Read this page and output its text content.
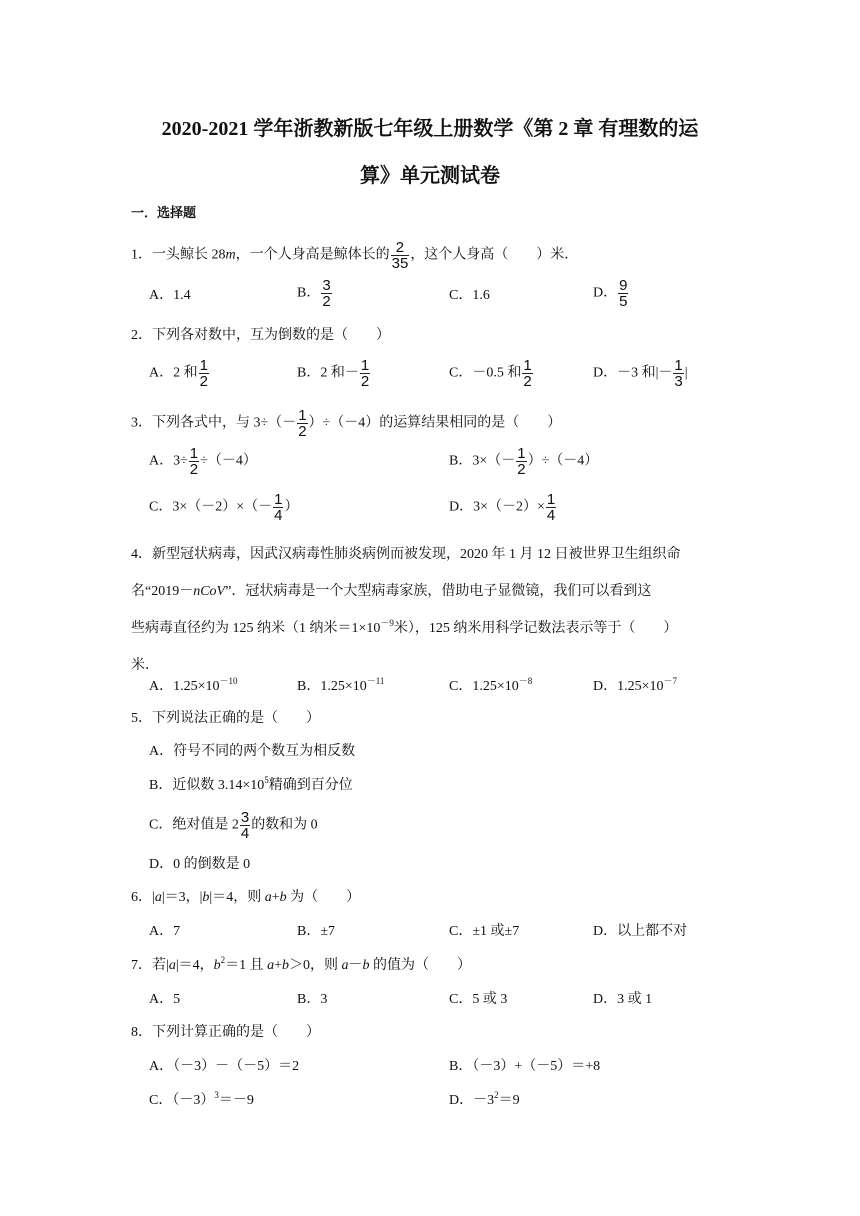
2020-2021 学年浙教新版七年级上册数学《第 2 章 有理数的运
算》单元测试卷
一．选择题
1．一头鲸长 28m，一个人身高是鲸体长的 $\frac{2}{35}$ ，这个人身高（　　）米．
A．1.4	B． $\frac{3}{2}$	C．1.6	D． $\frac{9}{5}$
2．下列各对数中，互为倒数的是（　　）
A．2 和 $\frac{1}{2}$	B．2 和－ $\frac{1}{2}$	C．－0.5 和 $\frac{1}{2}$	D．－3 和|－ $\frac{1}{3}$ |
3．下列各式中，与 $3\div(- \frac{1}{2} )\div(-4)$的运算结果相同的是（　　）
A．$3\div \frac{1}{2} \div(-4)$	B．$3\times(- \frac{1}{2} )\div(-4)$
C．$3\times(-2)\times(- \frac{1}{4}$ ）	D．$3\times(-2)\times \frac{1}{4}$
4．新型冠状病毒，因武汉病毒性肺炎病例而被发现，2020 年 1 月 12 日被世界卫生组织命
名“2019－nCoV”．冠状病毒是一个大型病毒家族，借助电子显微镜，我们可以看到这
些病毒直径约为 125 纳米（1 纳米$=1\times 10^{-9}$米），125 纳米用科学记数法表示等于（　　）
米．
A．$1.25\times 10^{-10}$	B．$1.25\times 10^{-11}$	C．$1.25\times 10^{-8}$	D．$1.25\times 10^{-7}$
5．下列说法正确的是（　　）
A．符号不同的两个数互为相反数
B．近似数 $3.14\times 10^5$精确到百分位
C．绝对值是 $2 \frac{3}{4}$ 的数和为 0
D．0 的倒数是 0
6．|a|＝3，|b|＝4，则 a+b 为（　　）
A．7	B．±7	C．±1 或±7	D．以上都不对
7．若|a|＝4，$b^2=1$ 且 a+b＞0，则 a－b 的值为（　　）
A．5	B．3	C．5 或 3	D．3 或 1
8．下列计算正确的是（　　）
A．（－3）－（－5）＝2	B．（－3）+（－5）＝+8
C．$(-3)^3=-9$	D．$-3^2=9$
